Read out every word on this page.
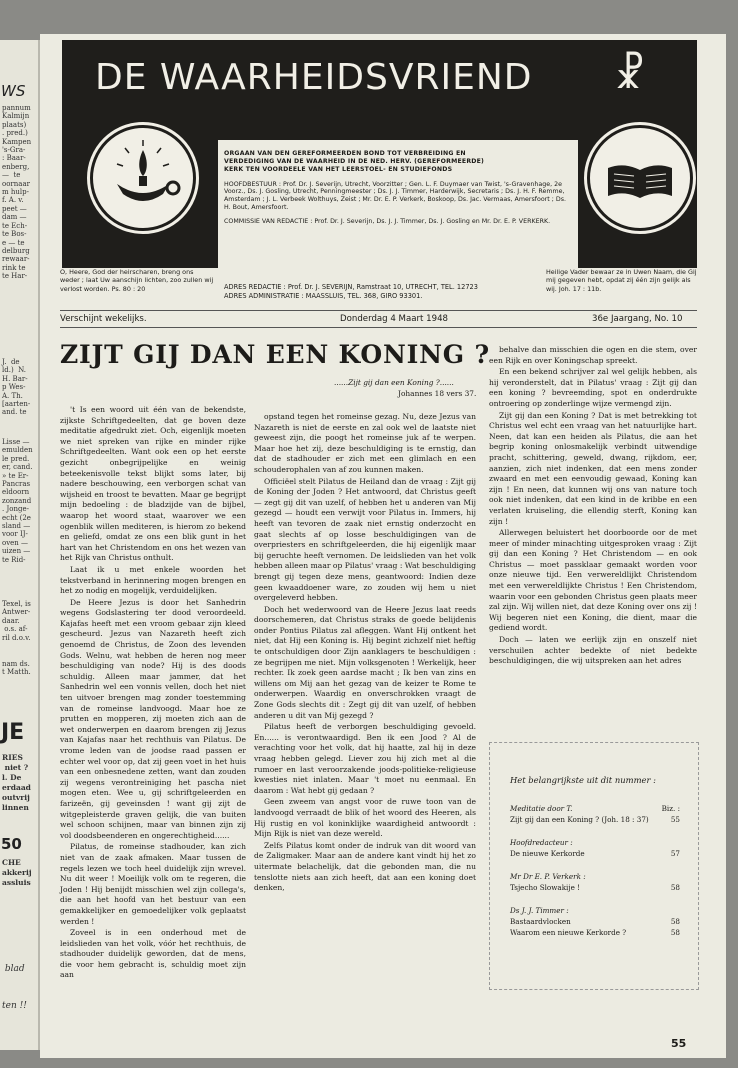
WS
pannum
Kalmijn
plaats)
. pred.)
Kampen
's-Gra-
: Baar-
enberg,
—  te
oornaar
m hulp-
f. A. v.
peet —
dam —
te Ech-
te Bos-
e — te
delburg
rewaar-
rink te
te Har-
J.  de
ld.)  N.
H. Bar-
p Wes-
A. Th.
[aarten-
and. te
Lisse —
emulden
le pred.
er, cand.
» te Er-
Pancras
eldoorn
zonzand
. Jonge-
echt (2e
sland —
voor IJ-
oven —
uizen —
te Rid-
Texel, is
Antwer-
daar.
o.s. af-
ril d.o.v.
nam ds.
t Matth.
JE
RIES
niet ?
l. De
erdaad
outvrij
linnen
50
CHE
akkerij
assluis
blad
ten !!
DE WAARHEIDSVRIEND ☧
ORGAAN VAN DEN GEREFORMEERDEN BOND TOT VERBREIDING EN
VERDEDIGING VAN DE WAARHEID IN DE NED. HERV. (GEREFORMEERDE)
KERK TEN VOORDEELE VAN HET LEERSTOEL- EN STUDIEFONDS
HOOFDBESTUUR : Prof. Dr. J. Severijn, Utrecht, Voorzitter ; Gen. L. F. Duymaer van Twist, 's-Gravenhage, 2e Voorz., Ds. J. Gosling, Utrecht, Penningmeester ; Ds. J. J. Timmer, Harderwijk, Secretaris ; Ds. J. H. F. Remme, Amsterdam ; J. L. Verbeek Wolthuys, Zeist ; Mr. Dr. E. P. Verkerk, Boskoop, Ds. Jac. Vermaas, Amersfoort ; Ds. H. Bout, Amersfoort.
COMMISSIE VAN REDACTIE : Prof. Dr. J. Severijn, Ds. J. J. Timmer, Ds. J. Gosling en Mr. Dr. E. P. VERKERK.
ADRES REDACTIE : Prof. Dr. J. SEVERIJN, Ramstraat 10, UTRECHT, TEL. 12723
ADRES ADMINISTRATIE : MAASSLUIS, TEL. 368, GIRO 93301.
O, Heere, God der heirscharen, breng ons weder ; laat Uw aanschijn lichten, zoo zullen wij verlost worden. Ps. 80 : 20
Heilige Vader bewaar ze in Uwen Naam, die Gij mij gegeven hebt, opdat zij één zijn gelijk als wij. Joh. 17 : 11b.
Verschijnt wekelijks.	Donderdag 4 Maart 1948	36e Jaargang, No. 10
ZIJT GIJ DAN EEN KONING ?
......Zijt gij dan een Koning ?......
Johannes 18 vers 37.

't Is een woord uit één van de bekendste, zijkste Schriftgedeelten, dat ge boven deze meditatie afgedrukt ziet. Och, eigenlijk moeten we niet spreken van rijke en minder rijke Schriftgedeelten. Want ook een op het eerste gezicht onbegrijpelijke en weinig beteekenisvolle tekst blijkt soms later, bij nadere beschouwing, een verborgen schat van wijsheid en troost te bevatten. Maar ge begrijpt mijn bedoeling : de bladzijde van de bijbel, waarop het woord staat, waarover we een ogenblik willen mediteren, is hierom zo bekend en geliefd, omdat ze ons een blik gunt in het hart van het Christendom en ons het wezen van het Rijk van Christus onthult.

Laat ik u met enkele woorden het tekstverband in herinnering mogen brengen en het zo nodig en mogelijk, verduidelijken.

De Heere Jezus is door het Sanhedrin wegens Godslastering ter dood veroordeeld. Kajafas heeft met een vroom gebaar zijn kleed gescheurd. Jezus van Nazareth heeft zich genoemd de Christus, de Zoon des levenden Gods. Welnu, wat hebben de heren nog meer beschuldiging van node? Hij is des doods schuldig. Alleen maar jammer, dat het Sanhedrin wel een vonnis vellen, doch het niet ten uitvoer brengen mag zonder toestemming van de romeinse landvoogd. Maar hoe ze prutten en mopperen, zij moeten zich aan de wet onderwerpen en daarom brengen zij Jezus van Kajafas naar het rechthuis van Pilatus. De vrome leden van de joodse raad passen er echter wel voor op, dat zij geen voet in het huis van een onbesnedene zetten, want dan zouden zij wegens verontreiniging het pascha niet mogen eten. Wee u, gij schriftgeleerden en farizeën, gij geveinsden ! want gij zijt de witgepleisterde graven gelijk, die van buiten wel schoon schijnen, maar van binnen zijn zij vol doodsbeenderen en ongerechtigheid......

Pilatus, de romeinse stadhouder, kan zich niet van de zaak afmaken. Maar tussen de regels lezen we toch heel duidelijk zijn wrevel. Nu dit weer ! Moeilijk volk om te regeren, die Joden ! Hij benijdt misschien wel zijn collega's, die aan het hoofd van het bestuur van een gemakkelijker en gemoedelijker volk geplaatst werden !

Zoveel is in een onderhoud met de leidslieden van het volk, vóór het rechthuis, de stadhouder duidelijk geworden, dat de mens, die voor hem gebracht is, schuldig moet zijn aan

opstand tegen het romeinse gezag. Nu, deze Jezus van Nazareth is niet de eerste en zal ook wel de laatste niet geweest zijn, die poogt het romeinse juk af te werpen. Maar hoe het zij, deze beschuldiging is te ernstig, dan dat de stadhouder er zich met een glimlach en een schouderophalen van af zou kunnen maken.

Officiëel stelt Pilatus de Heiland dan de vraag : Zijt gij de Koning der Joden ? Het antwoord, dat Christus geeft — zegt gij dit van uzelf, of hebben het u anderen van Mij gezegd — houdt een verwijt voor Pilatus in. Immers, hij heeft van tevoren de zaak niet ernstig onderzocht en gaat slechts af op losse beschuldigingen van de overpriesters en schriftgeleerden, die hij eigenlijk maar bij geruchte heeft vernomen. De leidslieden van het volk hebben alleen maar op Pilatus' vraag : Wat beschuldiging brengt gij tegen deze mens, geantwoord: Indien deze geen kwaaddoener ware, zo zouden wij hem u niet overgeleverd hebben.

Doch het wederwoord van de Heere Jezus laat reeds doorschemeren, dat Christus straks de goede belijdenis onder Pontius Pilatus zal afleggen. Want Hij ontkent het niet, dat Hij een Koning is. Hij begint zichzelf niet heftig te ontschuldigen door Zijn aanklagers te beschuldigen : ze begrijpen me niet. Mijn volksgenoten ! Werkelijk, heer rechter. Ik zoek geen aardse macht ; Ik ben van zins en willens om Mij aan het gezag van de keizer te Rome te onderwerpen. Waardig en onverschrokken vraagt de Zone Gods slechts dit : Zegt gij dit van uzelf, of hebben anderen u dit van Mij gezegd ?

Pilatus heeft de verborgen beschuldiging gevoeld. En...... is verontwaardigd. Ben ik een Jood ? Al de verachting voor het volk, dat hij haatte, zal hij in deze vraag hebben gelegd. Liever zou hij zich met al die rumoer en last veroorzakende joods-politieke-religieuse kwesties niet inlaten. Maar 't moet nu eenmaal. En daarom : Wat hebt gij gedaan ?

Geen zweem van angst voor de ruwe toon van de landvoogd verraadt de blik of het woord des Heeren, als Hij rustig en vol koninklijke waardigheid antwoordt : Mijn Rijk is niet van deze wereld.

Zelfs Pilatus komt onder de indruk van dit woord van de Zaligmaker. Maar aan de andere kant vindt hij het zo uitermate belachelijk, dat die gebonden man, die nu tenslotte niets aan zich heeft, dat aan een koning doet denken,

behalve dan misschien die ogen en die stem, over een Rijk en over Koningschap spreekt.

En een bekend schrijver zal wel gelijk hebben, als hij veronderstelt, dat in Pilatus' vraag : Zijt gij dan een koning ? bevreemding, spot en onderdrukte ontroering op zonderlinge wijze vermengd zijn.

Zijt gij dan een Koning ? Dat is met betrekking tot Christus wel echt een vraag van het natuurlijke hart. Neen, dat kan een heiden als Pilatus, die aan het begrip koning onlosmakelijk verbindt uitwendige pracht, schittering, geweld, dwang, rijkdom, eer, aanzien, zich niet indenken, dat een mens zonder zwaard en met een eenvoudig gewaad, Koning kan zijn ! En neen, dat kunnen wij ons van nature toch ook niet indenken, dat een kind in de kribbe en een verlaten kruiseling, die ellendig sterft, Koning kan zijn !

Allerwegen beluistert het doorboorde oor de met meer of minder minachting uitgesproken vraag : Zijt gij dan een Koning ? Het Christendom — en ook Christus — moet passklaar gemaakt worden voor onze nieuwe tijd. Een verwereldlijkt Christendom met een verwereldlijkte Christus ! Een Christendom, waarin voor een gebonden Christus geen plaats meer zal zijn. Wij willen niet, dat deze Koning over ons zij ! Wij begeren niet een Koning, die dient, maar die gediend wordt.

Doch — laten we eerlijk zijn en onszelf niet verschuilen achter bedekte of niet bedekte beschuldigingen, die wij uitspreken aan het adres

Het belangrijkste uit dit nummer :
Meditatie door T.	Biz. :
Zijt gij dan een Koning ? (Joh. 18 : 37)	55
Hoofdredacteur :
De nieuwe Kerkorde	57
Mr Dr E. P. Verkerk :
Tsjecho Slowakije !	58
Ds J. J. Timmer :
Bastaardvlocken	58
Waarom een nieuwe Kerkorde ?	58
55
